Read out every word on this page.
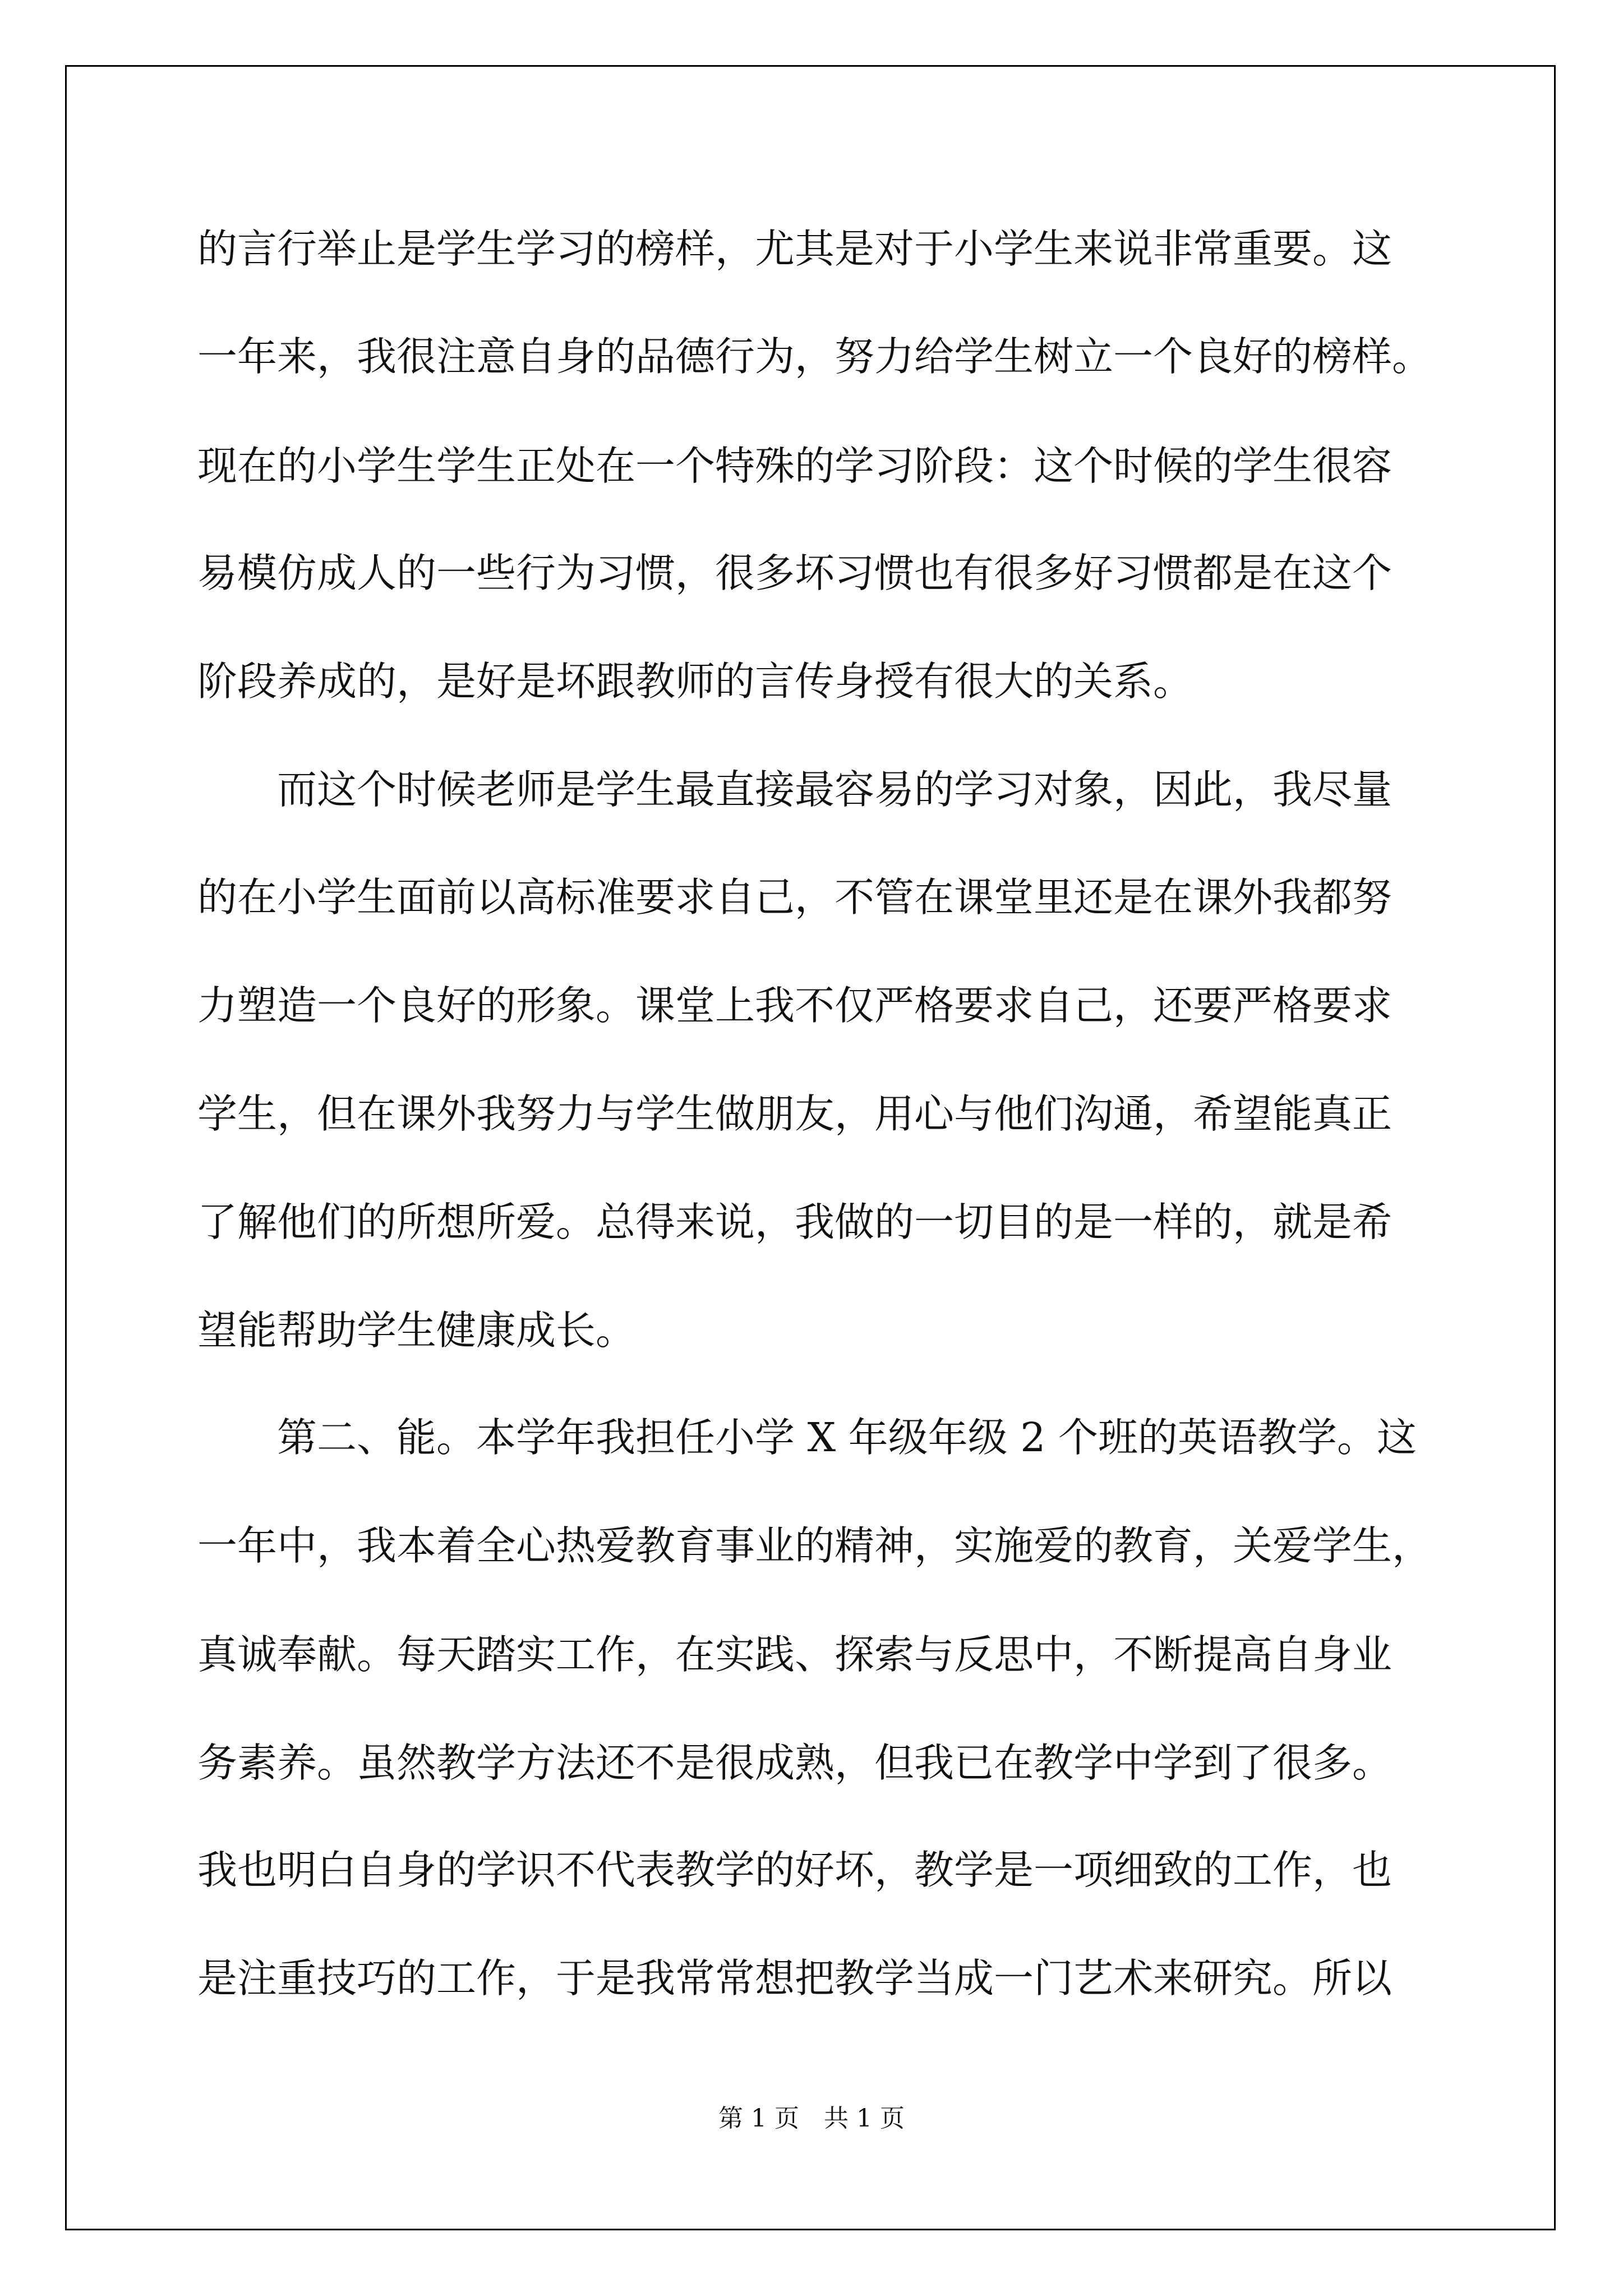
的言行举止是学生学习的榜样，尤其是对于小学生来说非常重要。这
一年来，我很注意自身的品德行为，努力给学生树立一个良好的榜样。
现在的小学生学生正处在一个特殊的学习阶段：这个时候的学生很容
易模仿成人的一些行为习惯，很多坏习惯也有很多好习惯都是在这个
阶段养成的，是好是坏跟教师的言传身授有很大的关系。
而这个时候老师是学生最直接最容易的学习对象，因此，我尽量
的在小学生面前以高标准要求自己，不管在课堂里还是在课外我都努
力塑造一个良好的形象。课堂上我不仅严格要求自己，还要严格要求
学生，但在课外我努力与学生做朋友，用心与他们沟通，希望能真正
了解他们的所想所爱。总得来说，我做的一切目的是一样的，就是希
望能帮助学生健康成长。
第二、能。本学年我担任小学 X 年级年级 2 个班的英语教学。这
一年中，我本着全心热爱教育事业的精神，实施爱的教育，关爱学生，
真诚奉献。每天踏实工作，在实践、探索与反思中，不断提高自身业
务素养。虽然教学方法还不是很成熟，但我已在教学中学到了很多。
我也明白自身的学识不代表教学的好坏，教学是一项细致的工作，也
是注重技巧的工作，于是我常常想把教学当成一门艺术来研究。所以
第 1 页 共 1 页
